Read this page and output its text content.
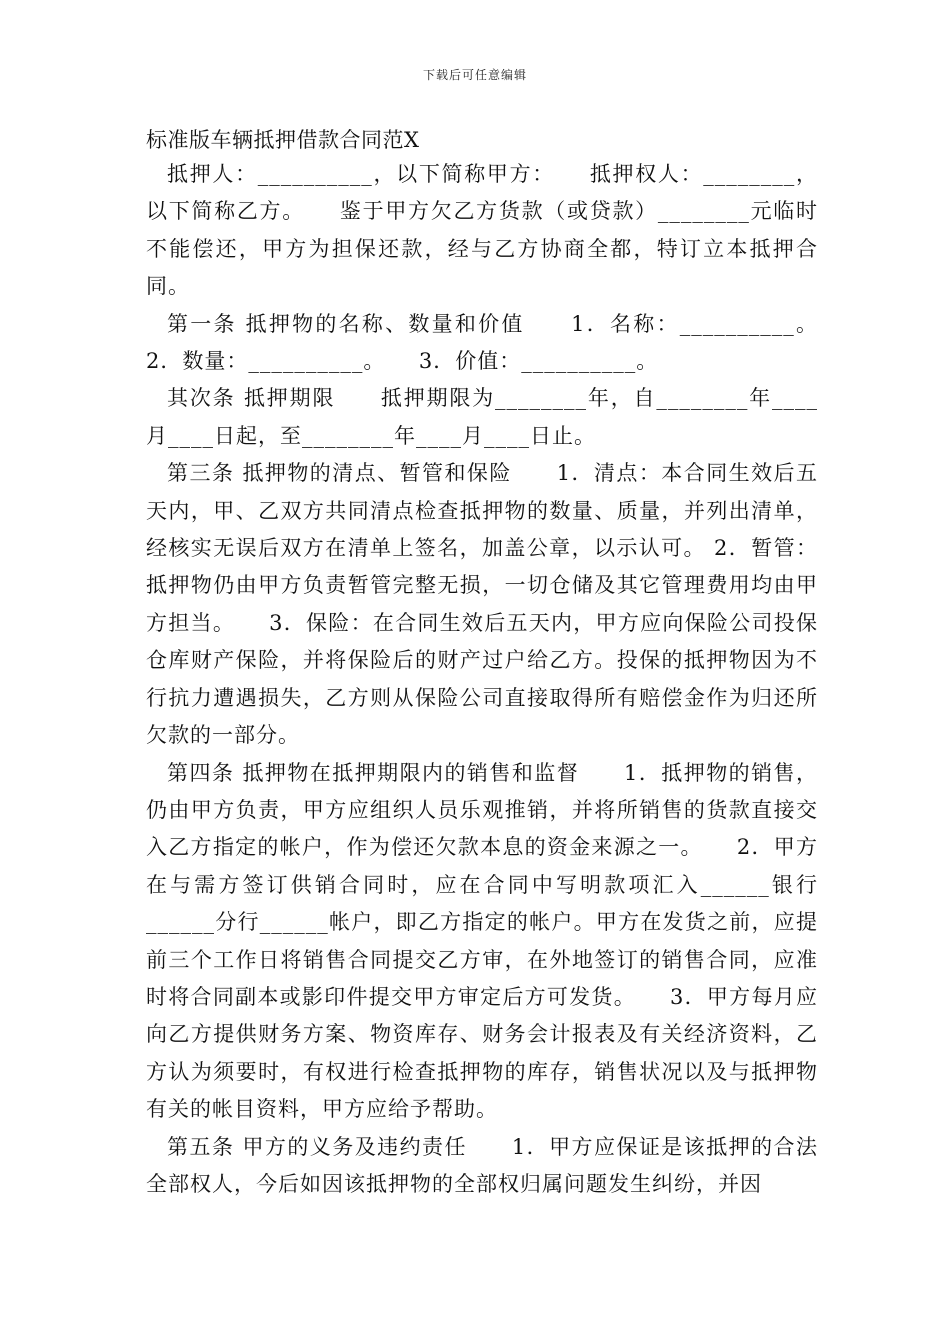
下载后可任意编辑
标准版车辆抵押借款合同范Ⅹ

抵押人：__________，以下简称甲方：　　抵押权人：________，以下简称乙方。　　鉴于甲方欠乙方货款（或贷款）________元临时不能偿还，甲方为担保还款，经与乙方协商全都，特订立本抵押合同。

第一条 抵押物的名称、数量和价值　　1．名称：__________。 2．数量：__________。　　3．价值：__________。

其次条 抵押期限　　抵押期限为________年，自________年____月____日起，至________年____月____日止。

第三条 抵押物的清点、暂管和保险　　1．清点：本合同生效后五天内，甲、乙双方共同清点检查抵押物的数量、质量，并列出清单，经核实无误后双方在清单上签名，加盖公章，以示认可。 2．暂管：抵押物仍由甲方负责暂管完整无损，一切仓储及其它管理费用均由甲方担当。　　3．保险：在合同生效后五天内，甲方应向保险公司投保仓库财产保险，并将保险后的财产过户给乙方。投保的抵押物因为不行抗力遭遇损失，乙方则从保险公司直接取得所有赔偿金作为归还所欠款的一部分。

第四条 抵押物在抵押期限内的销售和监督　　1．抵押物的销售，仍由甲方负责，甲方应组织人员乐观推销，并将所销售的货款直接交入乙方指定的帐户，作为偿还欠款本息的资金来源之一。　　2．甲方在与需方签订供销合同时，应在合同中写明款项汇入______银行______分行______帐户，即乙方指定的帐户。甲方在发货之前，应提前三个工作日将销售合同提交乙方审，在外地签订的销售合同，应准时将合同副本或影印件提交甲方审定后方可发货。　　3．甲方每月应向乙方提供财务方案、物资库存、财务会计报表及有关经济资料，乙方认为须要时，有权进行检查抵押物的库存，销售状况以及与抵押物有关的帐目资料，甲方应给予帮助。

第五条 甲方的义务及违约责任　　1．甲方应保证是该抵押的合法全部权人，今后如因该抵押物的全部权归属问题发生纠纷，并因
